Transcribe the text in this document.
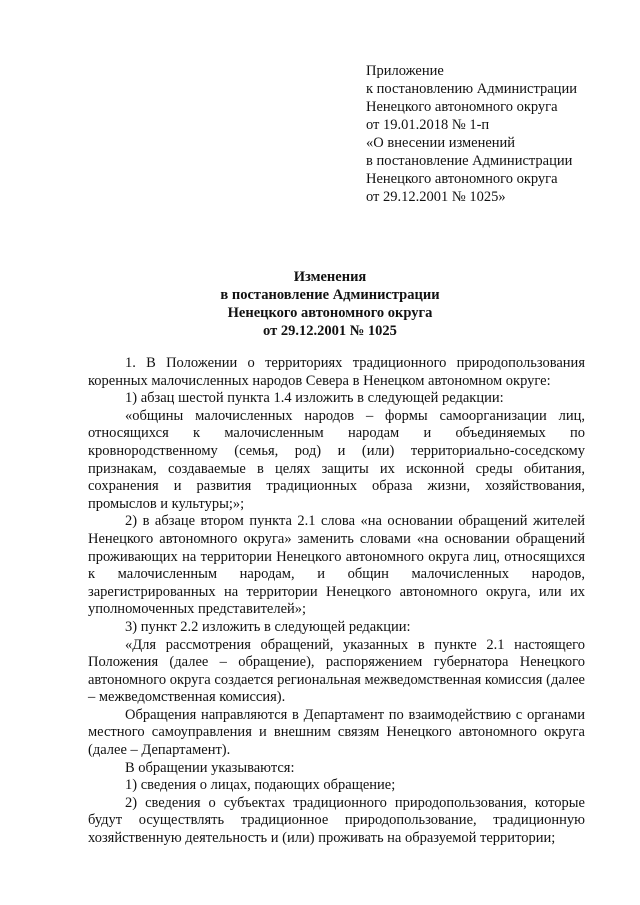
Приложение
к постановлению Администрации
Ненецкого автономного округа
от 19.01.2018 № 1-п
«О внесении изменений
в постановление Администрации
Ненецкого автономного округа
от 29.12.2001 № 1025»
Изменения
в постановление Администрации
Ненецкого автономного округа
от 29.12.2001 № 1025

1. В Положении о территориях традиционного природопользования коренных малочисленных народов Севера в Ненецком автономном округе:

1) абзац шестой пункта 1.4 изложить в следующей редакции:

«общины малочисленных народов – формы самоорганизации лиц, относящихся к малочисленным народам и объединяемых по кровнородственному (семья, род) и (или) территориально-соседскому признакам, создаваемые в целях защиты их исконной среды обитания, сохранения и развития традиционных образа жизни, хозяйствования, промыслов и культуры;»;

2) в абзаце втором пункта 2.1 слова «на основании обращений жителей Ненецкого автономного округа» заменить словами «на основании обращений проживающих на территории Ненецкого автономного округа лиц, относящихся к малочисленным народам, и общин малочисленных народов, зарегистрированных на территории Ненецкого автономного округа, или их уполномоченных представителей»;

3) пункт 2.2 изложить в следующей редакции:

«Для рассмотрения обращений, указанных в пункте 2.1 настоящего Положения (далее – обращение), распоряжением губернатора Ненецкого автономного округа создается региональная межведомственная комиссия (далее – межведомственная комиссия).

Обращения направляются в Департамент по взаимодействию с органами местного самоуправления и внешним связям Ненецкого автономного округа (далее – Департамент).

В обращении указываются:

1) сведения о лицах, подающих обращение;

2) сведения о субъектах традиционного природопользования, которые будут осуществлять традиционное природопользование, традиционную хозяйственную деятельность и (или) проживать на образуемой территории;
